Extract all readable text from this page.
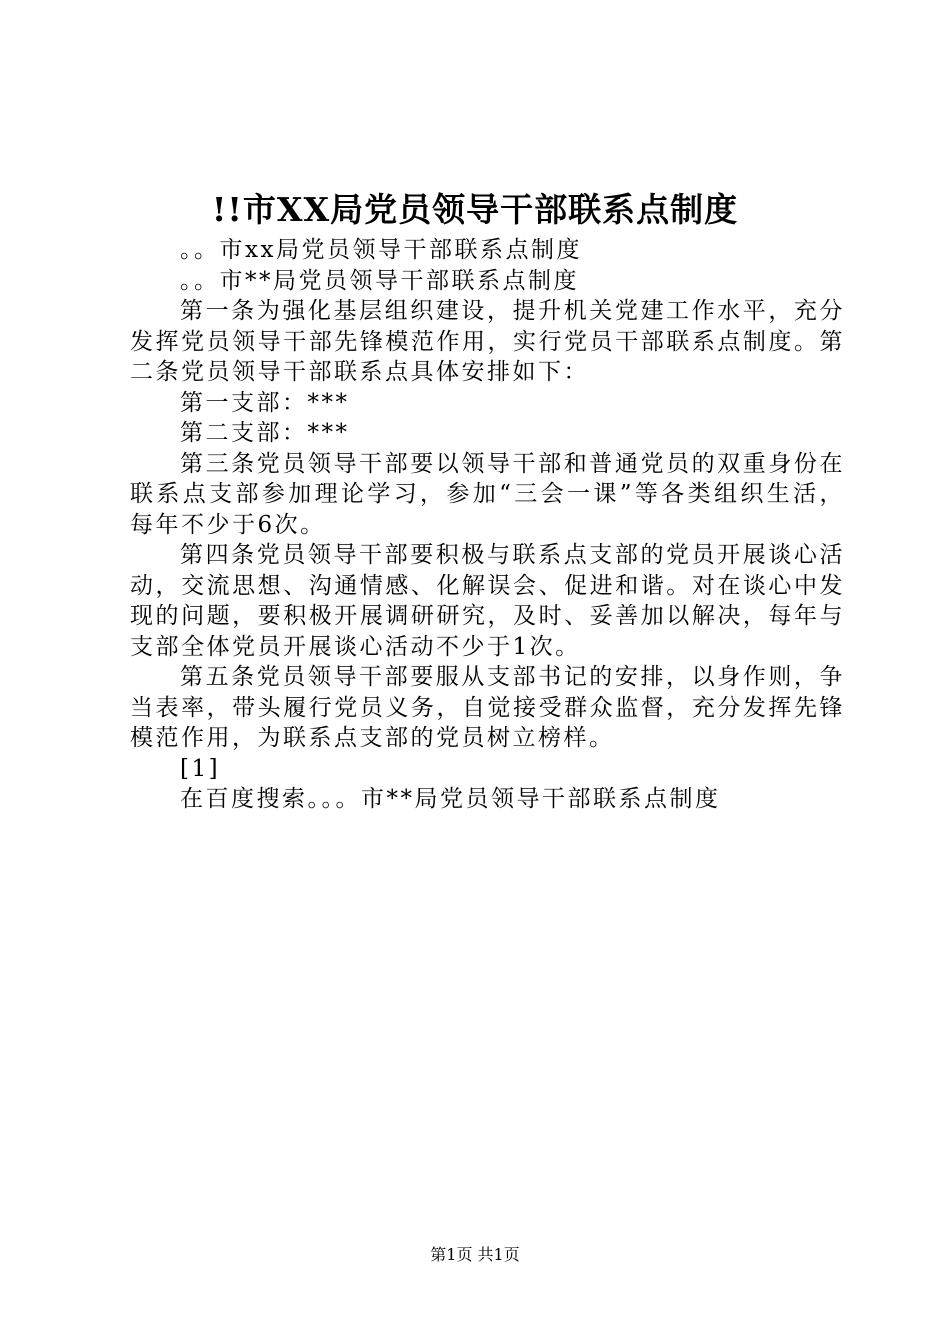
!!市XX局党员领导干部联系点制度

。。市xx局党员领导干部联系点制度

。。市**局党员领导干部联系点制度

第一条为强化基层组织建设，提升机关党建工作水平，充分发挥党员领导干部先锋模范作用，实行党员干部联系点制度。第二条党员领导干部联系点具体安排如下：

第一支部：***

第二支部：***

第三条党员领导干部要以领导干部和普通党员的双重身份在联系点支部参加理论学习，参加“三会一课”等各类组织生活，每年不少于6次。

第四条党员领导干部要积极与联系点支部的党员开展谈心活动，交流思想、沟通情感、化解误会、促进和谐。对在谈心中发现的问题，要积极开展调研研究，及时、妥善加以解决，每年与支部全体党员开展谈心活动不少于1次。

第五条党员领导干部要服从支部书记的安排，以身作则，争当表率，带头履行党员义务，自觉接受群众监督，充分发挥先锋模范作用，为联系点支部的党员树立榜样。

[1]

在百度搜索。。。市**局党员领导干部联系点制度

第1页 共1页
